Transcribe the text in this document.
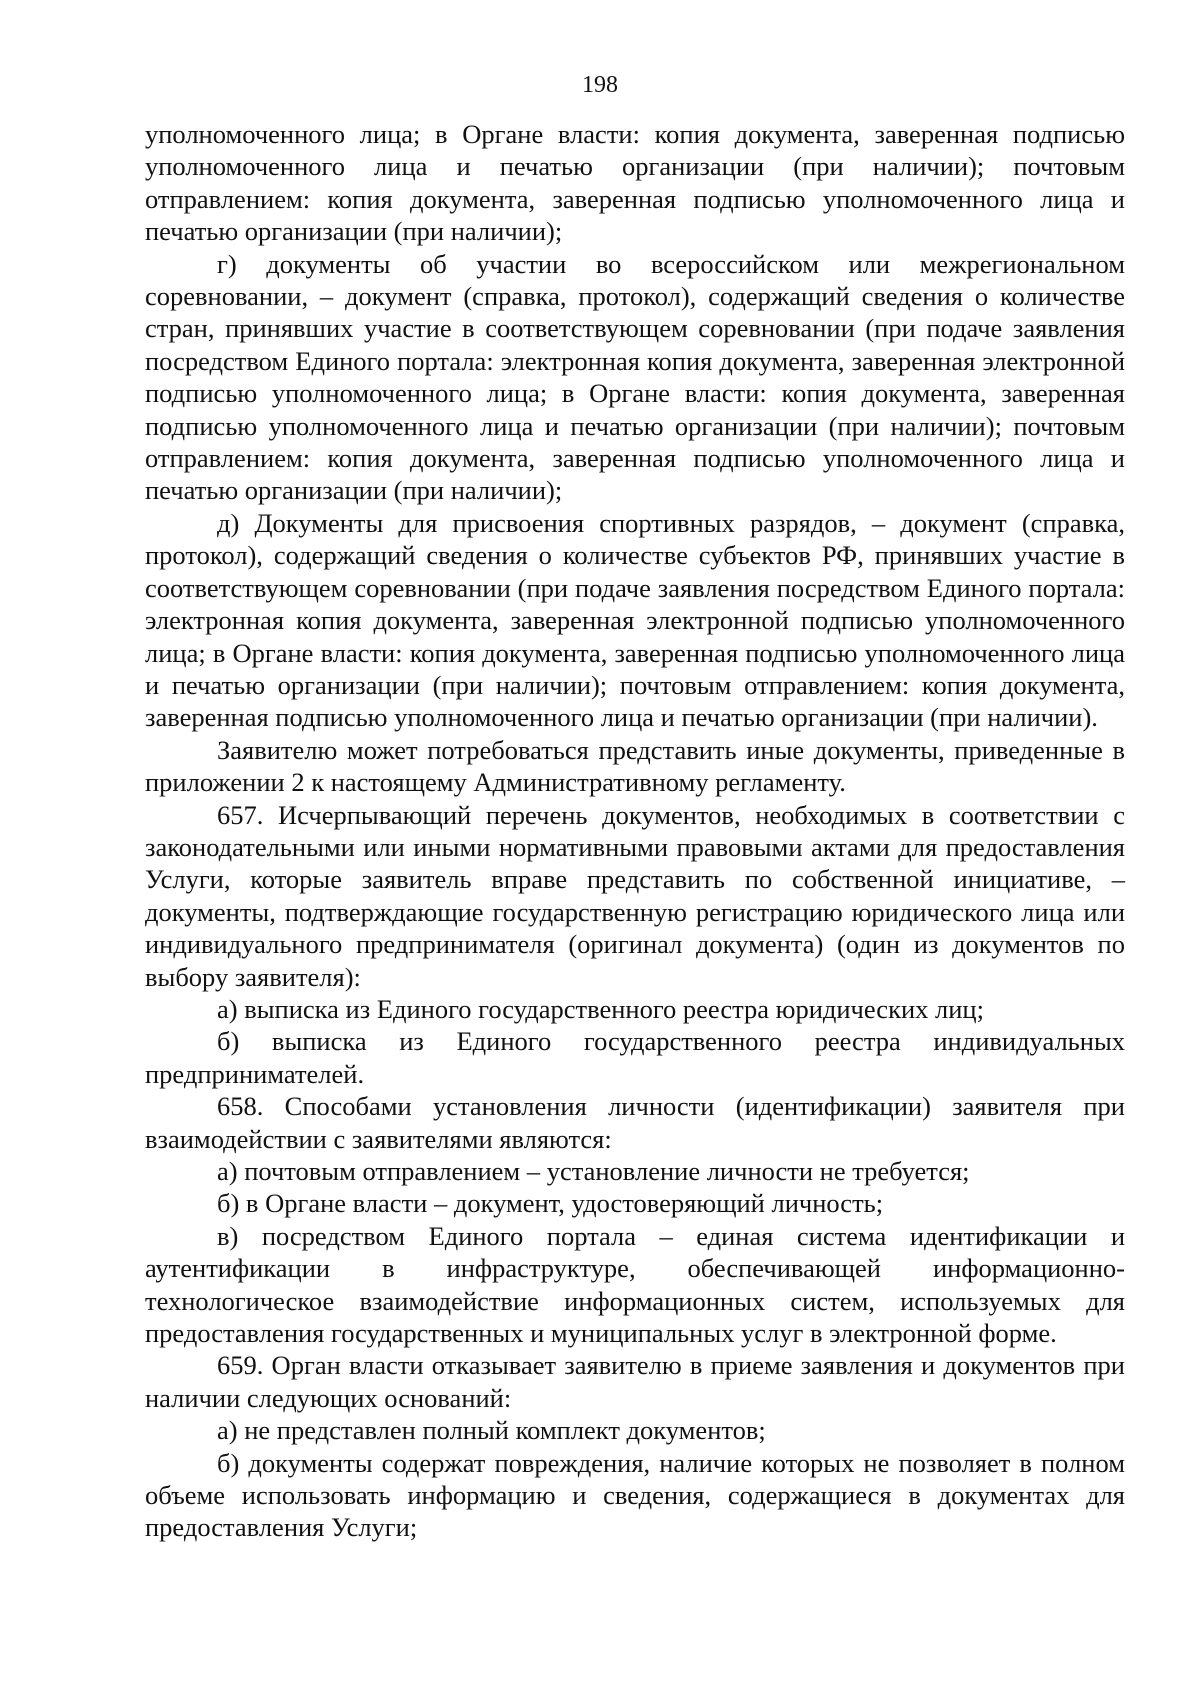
198

уполномоченного лица; в Органе власти: копия документа, заверенная подписью уполномоченного лица и печатью организации (при наличии); почтовым отправлением: копия документа, заверенная подписью уполномоченного лица и печатью организации (при наличии);

г) документы об участии во всероссийском или межрегиональном соревновании, – документ (справка, протокол), содержащий сведения о количестве стран, принявших участие в соответствующем соревновании (при подаче заявления посредством Единого портала: электронная копия документа, заверенная электронной подписью уполномоченного лица; в Органе власти: копия документа, заверенная подписью уполномоченного лица и печатью организации (при наличии); почтовым отправлением: копия документа, заверенная подписью уполномоченного лица и печатью организации (при наличии);

д) Документы для присвоения спортивных разрядов, – документ (справка, протокол), содержащий сведения о количестве субъектов РФ, принявших участие в соответствующем соревновании (при подаче заявления посредством Единого портала: электронная копия документа, заверенная электронной подписью уполномоченного лица; в Органе власти: копия документа, заверенная подписью уполномоченного лица и печатью организации (при наличии); почтовым отправлением: копия документа, заверенная подписью уполномоченного лица и печатью организации (при наличии).

Заявителю может потребоваться представить иные документы, приведенные в приложении 2 к настоящему Административному регламенту.

657. Исчерпывающий перечень документов, необходимых в соответствии с законодательными или иными нормативными правовыми актами для предоставления Услуги, которые заявитель вправе представить по собственной инициативе, – документы, подтверждающие государственную регистрацию юридического лица или индивидуального предпринимателя (оригинал документа) (один из документов по выбору заявителя):

а) выписка из Единого государственного реестра юридических лиц;

б) выписка из Единого государственного реестра индивидуальных предпринимателей.

658. Способами установления личности (идентификации) заявителя при взаимодействии с заявителями являются:

а) почтовым отправлением – установление личности не требуется;

б) в Органе власти – документ, удостоверяющий личность;

в) посредством Единого портала – единая система идентификации и аутентификации в инфраструктуре, обеспечивающей информационно-технологическое взаимодействие информационных систем, используемых для предоставления государственных и муниципальных услуг в электронной форме.

659. Орган власти отказывает заявителю в приеме заявления и документов при наличии следующих оснований:

а) не представлен полный комплект документов;

б) документы содержат повреждения, наличие которых не позволяет в полном объеме использовать информацию и сведения, содержащиеся в документах для предоставления Услуги;
